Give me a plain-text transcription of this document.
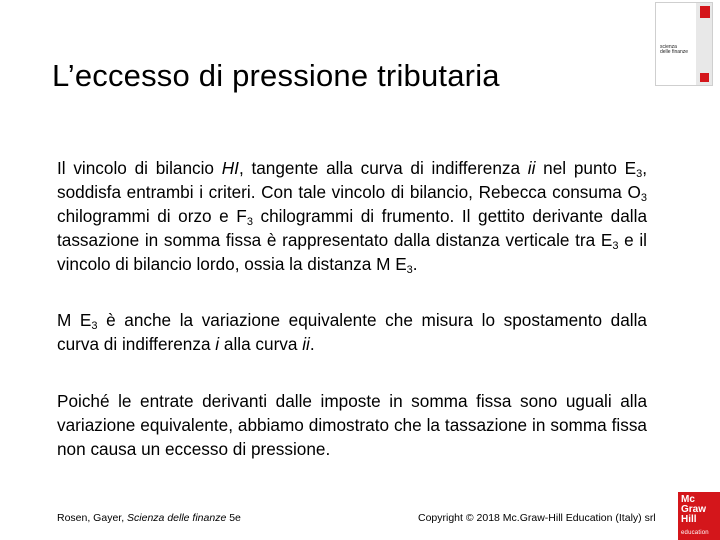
L’eccesso di pressione tributaria
scienza
delle finanze

Il vincolo di bilancio HI, tangente alla curva di indifferenza ii nel punto $E_3$, soddisfa entrambi i criteri. Con tale vincolo di bilancio, Rebecca consuma $O_3$ chilogrammi di orzo e $F_3$ chilogrammi di frumento. Il gettito derivante dalla tassazione in somma fissa è rappresentato dalla distanza verticale tra $E_3$ e il vincolo di bilancio lordo, ossia la distanza M $E_3$.

M $E_3$ è anche la variazione equivalente che misura lo spostamento dalla curva di indifferenza i alla curva ii.

Poiché le entrate derivanti dalle imposte in somma fissa sono uguali alla variazione equivalente, abbiamo dimostrato che la tassazione in somma fissa non causa un eccesso di pressione.

Rosen, Gayer, Scienza delle finanze 5e	Copyright © 2018 Mc.Graw-Hill Education (Italy) srl
Mc
Graw
Hill
education
